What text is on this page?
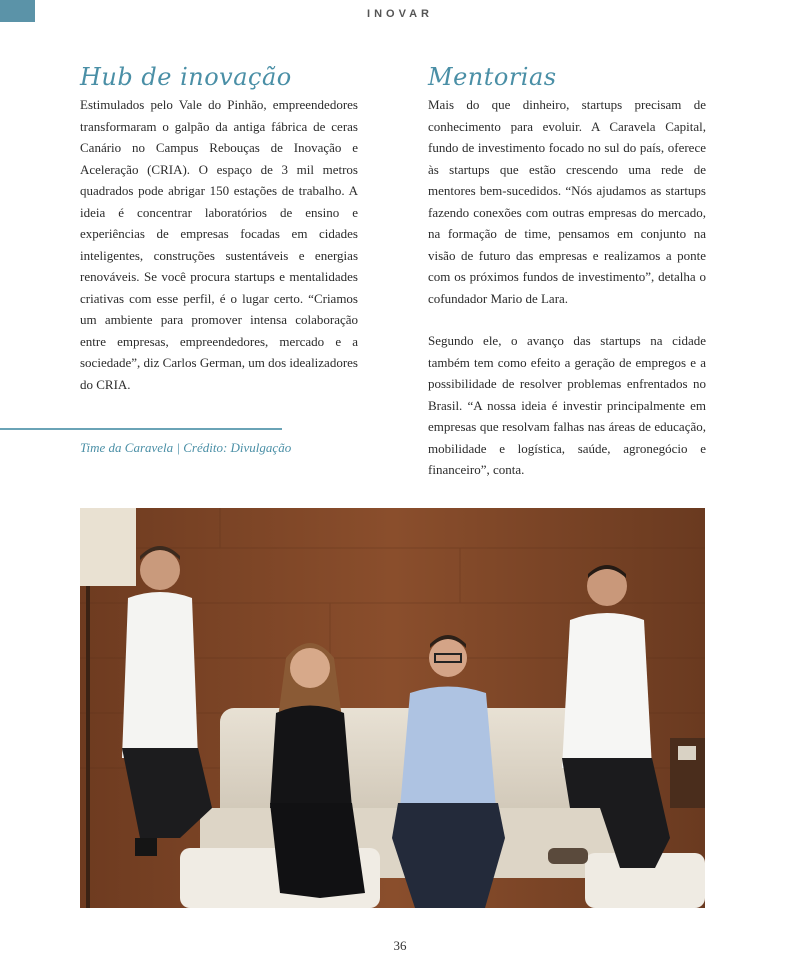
INOVAR
Hub de inovação

Estimulados pelo Vale do Pinhão, empreendedores transformaram o galpão da antiga fábrica de ceras Canário no Campus Rebouças de Inovação e Aceleração (CRIA). O espaço de 3 mil metros quadrados pode abrigar 150 estações de trabalho. A ideia é concentrar laboratórios de ensino e experiências de empresas focadas em cidades inteligentes, construções sustentáveis e energias renováveis. Se você procura startups e mentalidades criativas com esse perfil, é o lugar certo. “Criamos um ambiente para promover intensa colaboração entre empresas, empreendedores, mercado e a sociedade”, diz Carlos German, um dos idealizadores do CRIA.

Time da Caravela | Crédito: Divulgação
Mentorias

Mais do que dinheiro, startups precisam de conhecimento para evoluir. A Caravela Capital, fundo de investimento focado no sul do país, oferece às startups que estão crescendo uma rede de mentores bem-sucedidos. “Nós ajudamos as startups fazendo conexões com outras empresas do mercado, na formação de time, pensamos em conjunto na visão de futuro das empresas e realizamos a ponte com os próximos fundos de investimento”, detalha o cofundador Mario de Lara.

Segundo ele, o avanço das startups na cidade também tem como efeito a geração de empregos e a possibilidade de resolver problemas enfrentados no Brasil. “A nossa ideia é investir principalmente em empresas que resolvam falhas nas áreas de educação, mobilidade e logística, saúde, agronegócio e financeiro”, conta.

36
